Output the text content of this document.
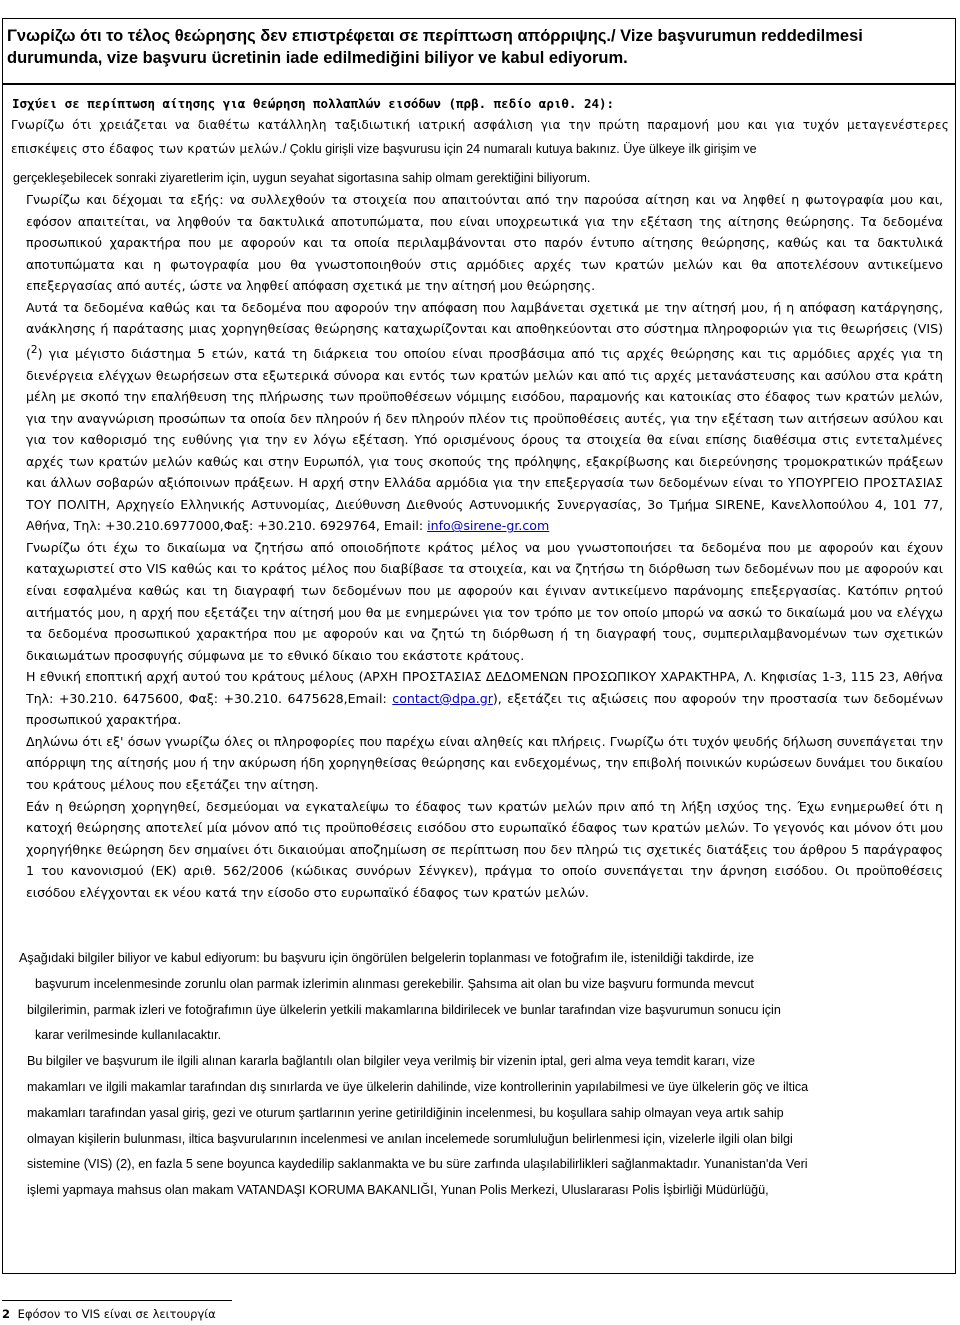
Γνωρίζω ότι το τέλος θεώρησης δεν επιστρέφεται σε περίπτωση απόρριψης./ Vize başvurumun reddedilmesi durumunda, vize başvuru ücretinin iade edilmediğini biliyor ve kabul ediyorum.

Ισχύει σε περίπτωση αίτησης για θεώρηση πολλαπλών εισόδων (πρβ. πεδίο αριθ. 24):

Γνωρίζω ότι χρειάζεται να διαθέτω κατάλληλη ταξιδιωτική ιατρική ασφάλιση για την πρώτη παραμονή μου και για τυχόν μεταγενέστερες επισκέψεις στο έδαφος των κρατών μελών./ Çoklu girişli vize başvurusu için 24 numaralı kutuya bakınız. Üye ülkeye ilk girişim ve

gerçekleşebilecek sonraki ziyaretlerim için, uygun seyahat sigortasına sahip olmam gerektiğini biliyorum.

Γνωρίζω και δέχομαι τα εξής: να συλλεχθούν τα στοιχεία που απαιτούνται από την παρούσα αίτηση και να ληφθεί η φωτογραφία μου και, εφόσον απαιτείται, να ληφθούν τα δακτυλικά αποτυπώματα, που είναι υποχρεωτικά για την εξέταση της αίτησης θεώρησης. Τα δεδομένα προσωπικού χαρακτήρα που με αφορούν και τα οποία περιλαμβάνονται στο παρόν έντυπο αίτησης θεώρησης, καθώς και τα δακτυλικά αποτυπώματα και η φωτογραφία μου θα γνωστοποιηθούν στις αρμόδιες αρχές των κρατών μελών και θα αποτελέσουν αντικείμενο επεξεργασίας από αυτές, ώστε να ληφθεί απόφαση σχετικά με την αίτησή μου θεώρησης.
Αυτά τα δεδομένα καθώς και τα δεδομένα που αφορούν την απόφαση που λαμβάνεται σχετικά με την αίτησή μου, ή η απόφαση κατάργησης, ανάκλησης ή παράτασης μιας χορηγηθείσας θεώρησης καταχωρίζονται και αποθηκεύονται στο σύστημα πληροφοριών για τις θεωρήσεις (VIS) ($^2$) για μέγιστο διάστημα 5 ετών, κατά τη διάρκεια του οποίου είναι προσβάσιμα από τις αρχές θεώρησης και τις αρμόδιες αρχές για τη διενέργεια ελέγχων θεωρήσεων στα εξωτερικά σύνορα και εντός των κρατών μελών και από τις αρχές μετανάστευσης και ασύλου στα κράτη μέλη με σκοπό την επαλήθευση της πλήρωσης των προϋποθέσεων νόμιμης εισόδου, παραμονής και κατοικίας στο έδαφος των κρατών μελών, για την αναγνώριση προσώπων τα οποία δεν πληρούν ή δεν πληρούν πλέον τις προϋποθέσεις αυτές, για την εξέταση των αιτήσεων ασύλου και για τον καθορισμό της ευθύνης για την εν λόγω εξέταση. Υπό ορισμένους όρους τα στοιχεία θα είναι επίσης διαθέσιμα στις εντεταλμένες αρχές των κρατών μελών καθώς και στην Ευρωπόλ, για τους σκοπούς της πρόληψης, εξακρίβωσης και διερεύνησης τρομοκρατικών πράξεων και άλλων σοβαρών αξιόποινων πράξεων. Η αρχή στην Ελλάδα αρμόδια για την επεξεργασία των δεδομένων είναι το ΥΠΟΥΡΓΕΙΟ ΠΡΟΣΤΑΣΙΑΣ ΤΟΥ ΠΟΛΙΤΗ, Αρχηγείο Ελληνικής Αστυνομίας, Διεύθυνση Διεθνούς Αστυνομικής Συνεργασίας, 3ο Τμήμα SIRENE, Κανελλοπούλου 4, 101 77, Αθήνα, Τηλ: +30.210.6977000,Φαξ: +30.210. 6929764, Email: info@sirene-gr.com
Γνωρίζω ότι έχω το δικαίωμα να ζητήσω από οποιοδήποτε κράτος μέλος να μου γνωστοποιήσει τα δεδομένα που με αφορούν και έχουν καταχωριστεί στο VIS καθώς και το κράτος μέλος που διαβίβασε τα στοιχεία, και να ζητήσω τη διόρθωση των δεδομένων που με αφορούν και είναι εσφαλμένα καθώς και τη διαγραφή των δεδομένων που με αφορούν και έγιναν αντικείμενο παράνομης επεξεργασίας. Κατόπιν ρητού αιτήματός μου, η αρχή που εξετάζει την αίτησή μου θα με ενημερώνει για τον τρόπο με τον οποίο μπορώ να ασκώ το δικαίωμά μου να ελέγχω τα δεδομένα προσωπικού χαρακτήρα που με αφορούν και να ζητώ τη διόρθωση ή τη διαγραφή τους, συμπεριλαμβανομένων των σχετικών δικαιωμάτων προσφυγής σύμφωνα με το εθνικό δίκαιο του εκάστοτε κράτους.
Η εθνική εποπτική αρχή αυτού του κράτους μέλους (ΑΡΧΗ ΠΡΟΣΤΑΣΙΑΣ ΔΕΔΟΜΕΝΩΝ ΠΡΟΣΩΠΙΚΟΥ ΧΑΡΑΚΤΗΡΑ, Λ. Κηφισίας 1-3, 115 23, Αθήνα Τηλ: +30.210. 6475600, Φαξ: +30.210. 6475628,Email: contact@dpa.gr), εξετάζει τις αξιώσεις που αφορούν την προστασία των δεδομένων προσωπικού χαρακτήρα.
Δηλώνω ότι εξ' όσων γνωρίζω όλες οι πληροφορίες που παρέχω είναι αληθείς και πλήρεις. Γνωρίζω ότι τυχόν ψευδής δήλωση συνεπάγεται την απόρριψη της αίτησής μου ή την ακύρωση ήδη χορηγηθείσας θεώρησης και ενδεχομένως, την επιβολή ποινικών κυρώσεων δυνάμει του δικαίου του κράτους μέλους που εξετάζει την αίτηση.
Εάν η θεώρηση χορηγηθεί, δεσμεύομαι να εγκαταλείψω το έδαφος των κρατών μελών πριν από τη λήξη ισχύος της. Έχω ενημερωθεί ότι η κατοχή θεώρησης αποτελεί μία μόνον από τις προϋποθέσεις εισόδου στο ευρωπαϊκό έδαφος των κρατών μελών. Το γεγονός και μόνον ότι μου χορηγήθηκε θεώρηση δεν σημαίνει ότι δικαιούμαι αποζημίωση σε περίπτωση που δεν πληρώ τις σχετικές διατάξεις του άρθρου 5 παράγραφος 1 του κανονισμού (ΕΚ) αριθ. 562/2006 (κώδικας συνόρων Σένγκεν), πράγμα το οποίο συνεπάγεται την άρνηση εισόδου. Οι προϋποθέσεις εισόδου ελέγχονται εκ νέου κατά την είσοδο στο ευρωπαϊκό έδαφος των κρατών μελών.
Aşağıdaki bilgiler biliyor ve kabul ediyorum: bu başvuru için öngörülen belgelerin toplanması ve fotoğrafım ile, istenildiği takdirde, ize
başvurum incelenmesinde zorunlu olan parmak izlerimin alınması gerekebilir. Şahsıma ait olan bu vize başvuru formunda mevcut
bilgilerimin, parmak izleri ve fotoğrafımın üye ülkelerin yetkili makamlarına bildirilecek ve bunlar tarafından vize başvurumun sonucu için
karar verilmesinde kullanılacaktır.
Bu bilgiler ve başvurum ile ilgili alınan kararla bağlantılı olan bilgiler veya verilmiş bir vizenin iptal, geri alma veya temdit kararı, vize
makamları ve ilgili makamlar tarafından dış sınırlarda ve üye ülkelerin dahilinde, vize kontrollerinin yapılabilmesi ve üye ülkelerin göç ve iltica
makamları tarafından yasal giriş, gezi ve oturum şartlarının yerine getirildiğinin incelenmesi, bu koşullara sahip olmayan veya artık sahip
olmayan kişilerin bulunması, iltica başvurularının incelenmesi ve anılan incelemede sorumluluğun belirlenmesi için, vizelerle ilgili olan bilgi
sistemine (VIS) (2), en fazla 5 sene boyunca kaydedilip saklanmakta ve bu süre zarfında ulaşılabilirlikleri sağlanmaktadır. Yunanistan'da Veri
işlemi yapmaya mahsus olan makam VATANDAŞI KORUMA BAKANLIĞI, Yunan Polis Merkezi, Uluslararası Polis İşbirliği Müdürlüğü,
2 Εφόσον το VIS είναι σε λειτουργία
